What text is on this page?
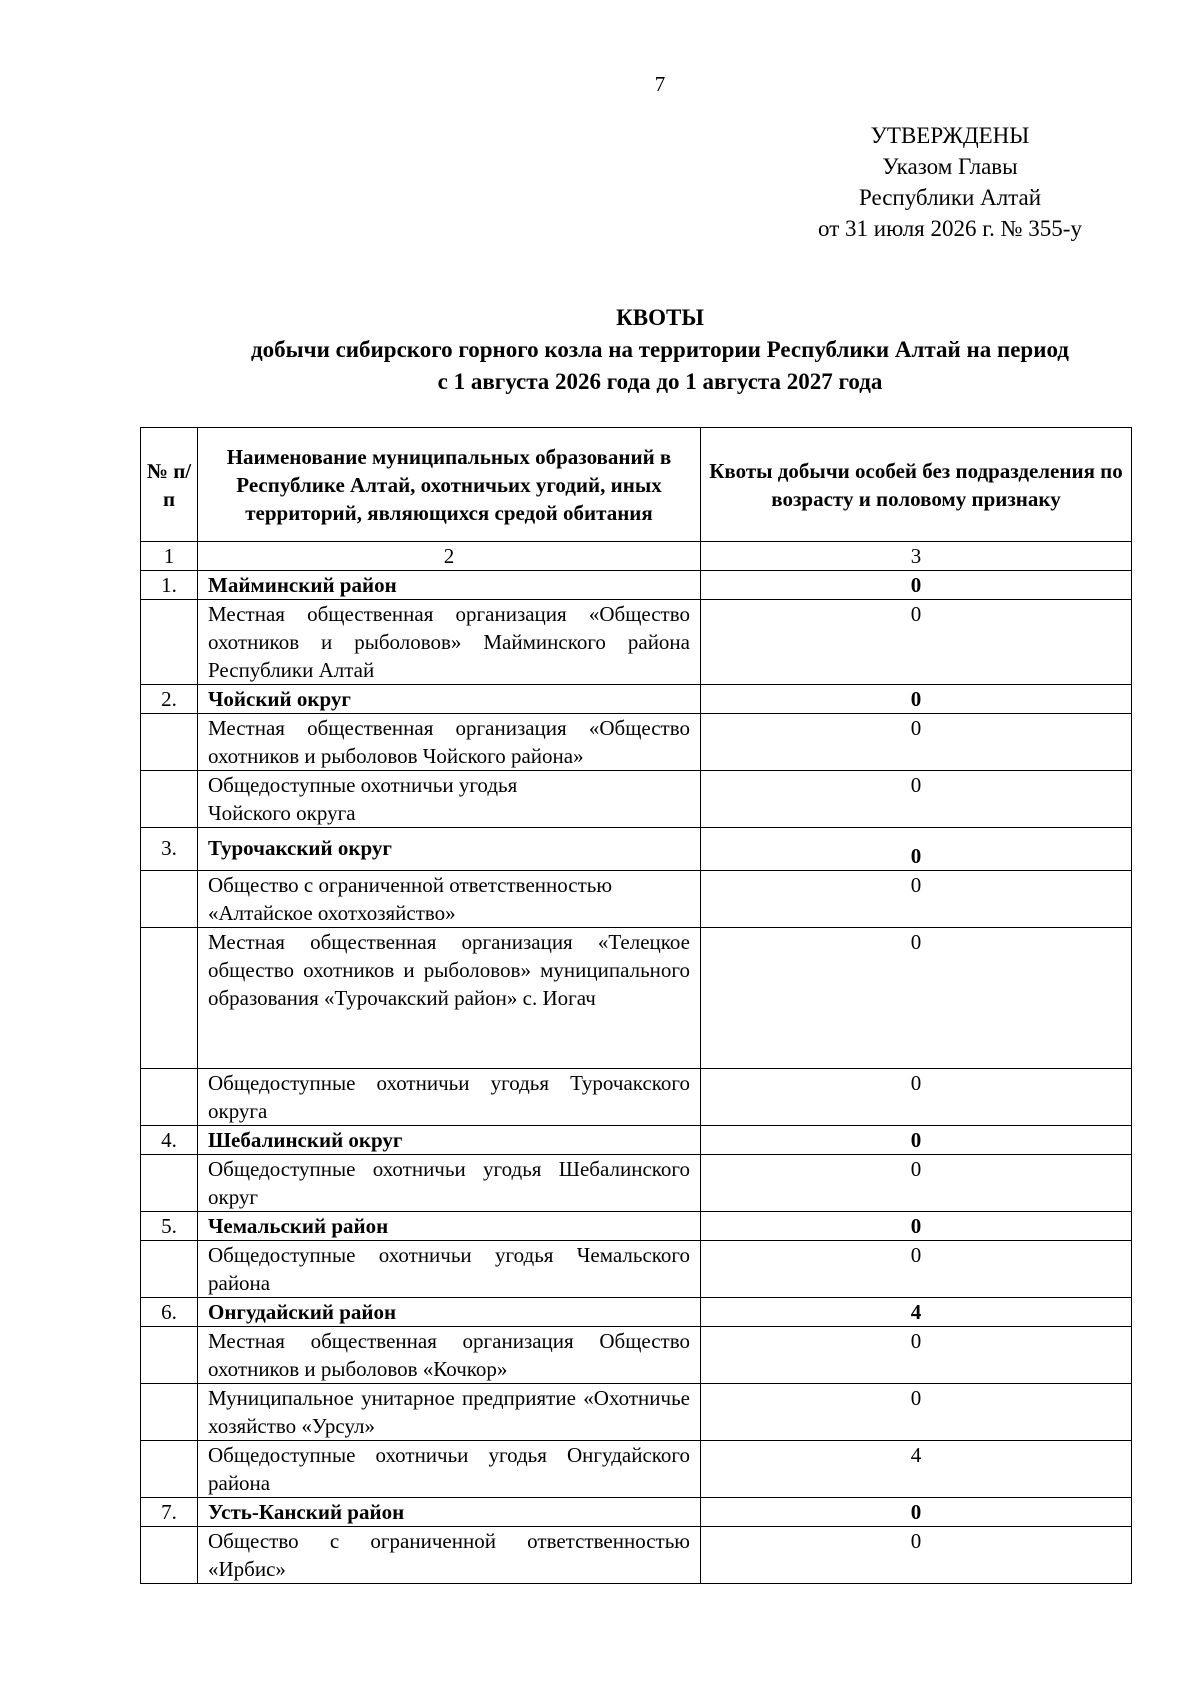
7
УТВЕРЖДЕНЫ
Указом Главы
Республики Алтай
от 31 июля 2026 г. № 355-у
КВОТЫ
добычи сибирского горного козла на территории Республики Алтай на период
с 1 августа 2026 года до 1 августа 2027 года
№ п/п	Наименование муниципальных образований в Республике Алтай, охотничьих угодий, иных территорий, являющихся средой обитания	Квоты добычи особей без подразделения по возрасту и половому признаку
1	2	3
1.	Майминский район	0
	Местная общественная организация «Общество охотников и рыболовов» Майминского района Республики Алтай	0
2.	Чойский округ	0
	Местная общественная организация «Общество охотников и рыболовов Чойского района»	0
	Общедоступные охотничьи угодья Чойского округа	0
3.	Турочакский округ	0
	Общество с ограниченной ответственностью «Алтайское охотхозяйство»	0
	Местная общественная организация «Телецкое общество охотников и рыболовов» муниципального образования «Турочакский район» с. Иогач	0
	Общедоступные охотничьи угодья Турочакского округа	0
4.	Шебалинский округ	0
	Общедоступные охотничьи угодья Шебалинского округ	0
5.	Чемальский район	0
	Общедоступные охотничьи угодья Чемальского района	0
6.	Онгудайский район	4
	Местная общественная организация Общество охотников и рыболовов «Кочкор»	0
	Муниципальное унитарное предприятие «Охотничье хозяйство «Урсул»	0
	Общедоступные охотничьи угодья Онгудайского района	4
7.	Усть-Канский район	0
	Общество с ограниченной ответственностью «Ирбис»	0
